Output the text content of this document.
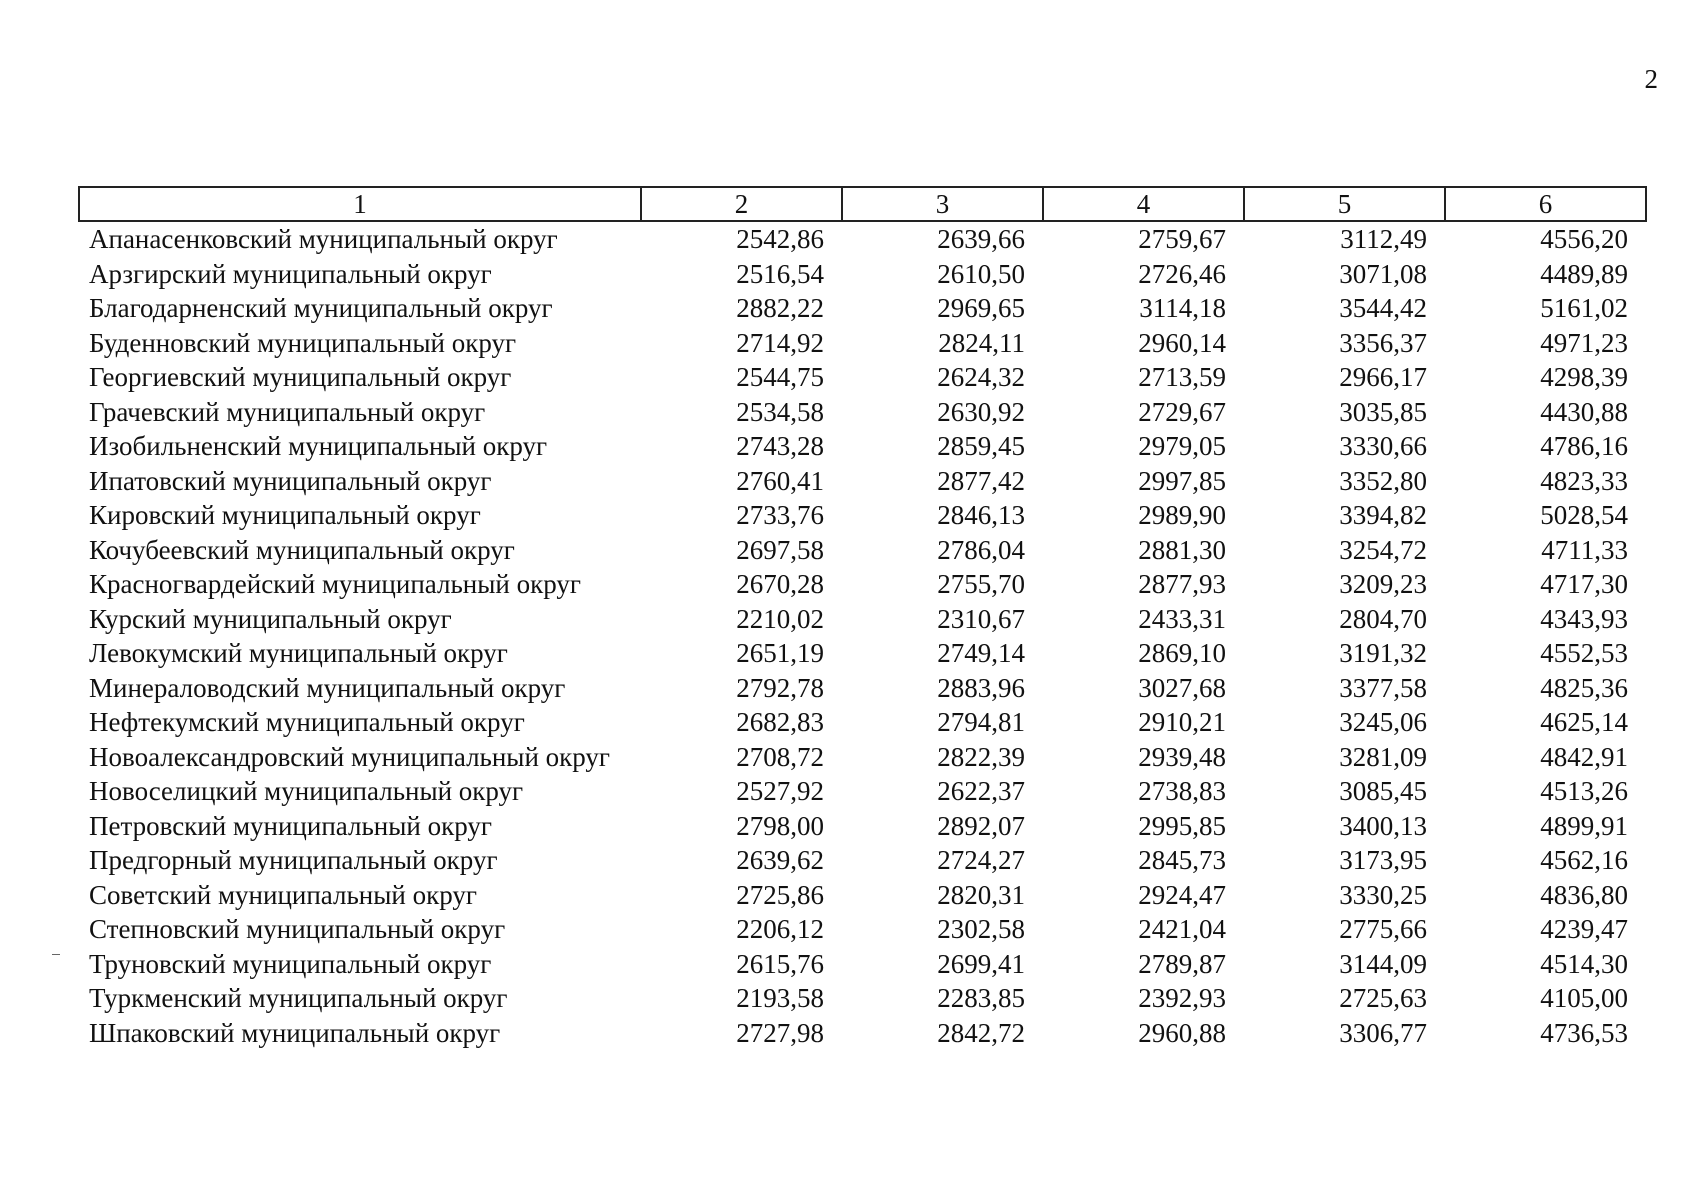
2
1	2	3	4	5	6
Апанасенковский муниципальный округ	2542,86	2639,66	2759,67	3112,49	4556,20
Арзгирский муниципальный округ	2516,54	2610,50	2726,46	3071,08	4489,89
Благодарненский муниципальный округ	2882,22	2969,65	3114,18	3544,42	5161,02
Буденновский муниципальный округ	2714,92	2824,11	2960,14	3356,37	4971,23
Георгиевский муниципальный округ	2544,75	2624,32	2713,59	2966,17	4298,39
Грачевский муниципальный округ	2534,58	2630,92	2729,67	3035,85	4430,88
Изобильненский муниципальный округ	2743,28	2859,45	2979,05	3330,66	4786,16
Ипатовский муниципальный округ	2760,41	2877,42	2997,85	3352,80	4823,33
Кировский муниципальный округ	2733,76	2846,13	2989,90	3394,82	5028,54
Кочубеевский муниципальный округ	2697,58	2786,04	2881,30	3254,72	4711,33
Красногвардейский муниципальный округ	2670,28	2755,70	2877,93	3209,23	4717,30
Курский муниципальный округ	2210,02	2310,67	2433,31	2804,70	4343,93
Левокумский муниципальный округ	2651,19	2749,14	2869,10	3191,32	4552,53
Минераловодский муниципальный округ	2792,78	2883,96	3027,68	3377,58	4825,36
Нефтекумский муниципальный округ	2682,83	2794,81	2910,21	3245,06	4625,14
Новоалександровский муниципальный округ	2708,72	2822,39	2939,48	3281,09	4842,91
Новоселицкий муниципальный округ	2527,92	2622,37	2738,83	3085,45	4513,26
Петровский муниципальный округ	2798,00	2892,07	2995,85	3400,13	4899,91
Предгорный муниципальный округ	2639,62	2724,27	2845,73	3173,95	4562,16
Советский муниципальный округ	2725,86	2820,31	2924,47	3330,25	4836,80
Степновский муниципальный округ	2206,12	2302,58	2421,04	2775,66	4239,47
Труновский муниципальный округ	2615,76	2699,41	2789,87	3144,09	4514,30
Туркменский муниципальный округ	2193,58	2283,85	2392,93	2725,63	4105,00
Шпаковский муниципальный округ	2727,98	2842,72	2960,88	3306,77	4736,53
